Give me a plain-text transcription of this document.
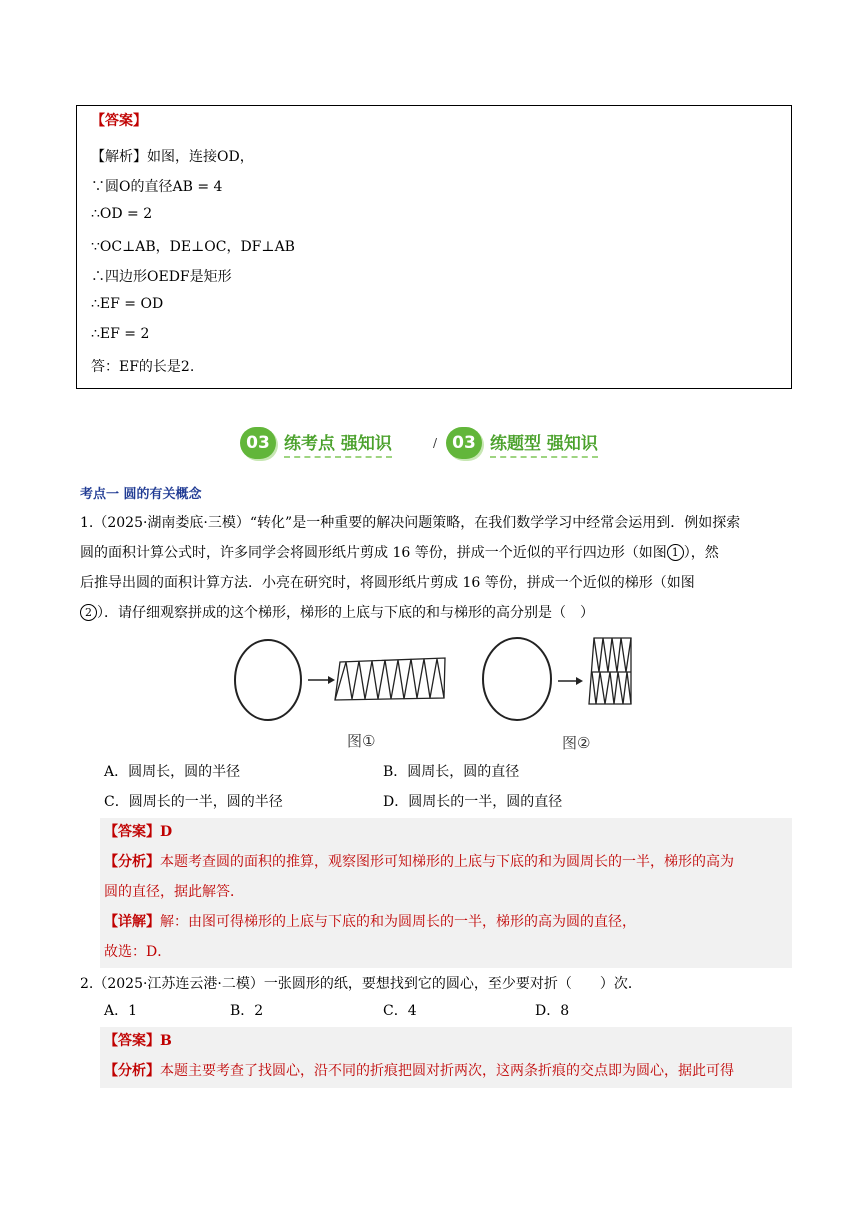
【答案】
【解析】如图，连接OD，
∵圆O的直径AB = 4
∴OD = 2
∵OC⊥AB，DE⊥OC，DF⊥AB
∴四边形OEDF是矩形
∴EF = OD
∴EF = 2
答：EF的长是2.
03 练考点 强知识	/ 03 练题型 强知识
考点一 圆的有关概念
1.（2025·湖南娄底·三模）“转化”是一种重要的解决问题策略，在我们数学学习中经常会运用到．例如探索
圆的面积计算公式时，许多同学会将圆形纸片剪成 16 等份，拼成一个近似的平行四边形（如图 1 ），然
后推导出圆的面积计算方法．小亮在研究时，将圆形纸片剪成 16 等份，拼成一个近似的梯形（如图
2 ）．请仔细观察拼成的这个梯形，梯形的上底与下底的和与梯形的高分别是（　）
图①	图②
A．圆周长，圆的半径	B．圆周长，圆的直径
C．圆周长的一半，圆的半径	D．圆周长的一半，圆的直径
【答案】D
【分析】本题考查圆的面积的推算，观察图形可知梯形的上底与下底的和为圆周长的一半，梯形的高为
圆的直径，据此解答．
【详解】解：由图可得梯形的上底与下底的和为圆周长的一半，梯形的高为圆的直径，
故选：D．
2.（2025·江苏连云港·二模）一张圆形的纸，要想找到它的圆心，至少要对折（　　）次．
A．1	B．2	C．4	D．8
【答案】B
【分析】本题主要考查了找圆心，沿不同的折痕把圆对折两次，这两条折痕的交点即为圆心，据此可得
